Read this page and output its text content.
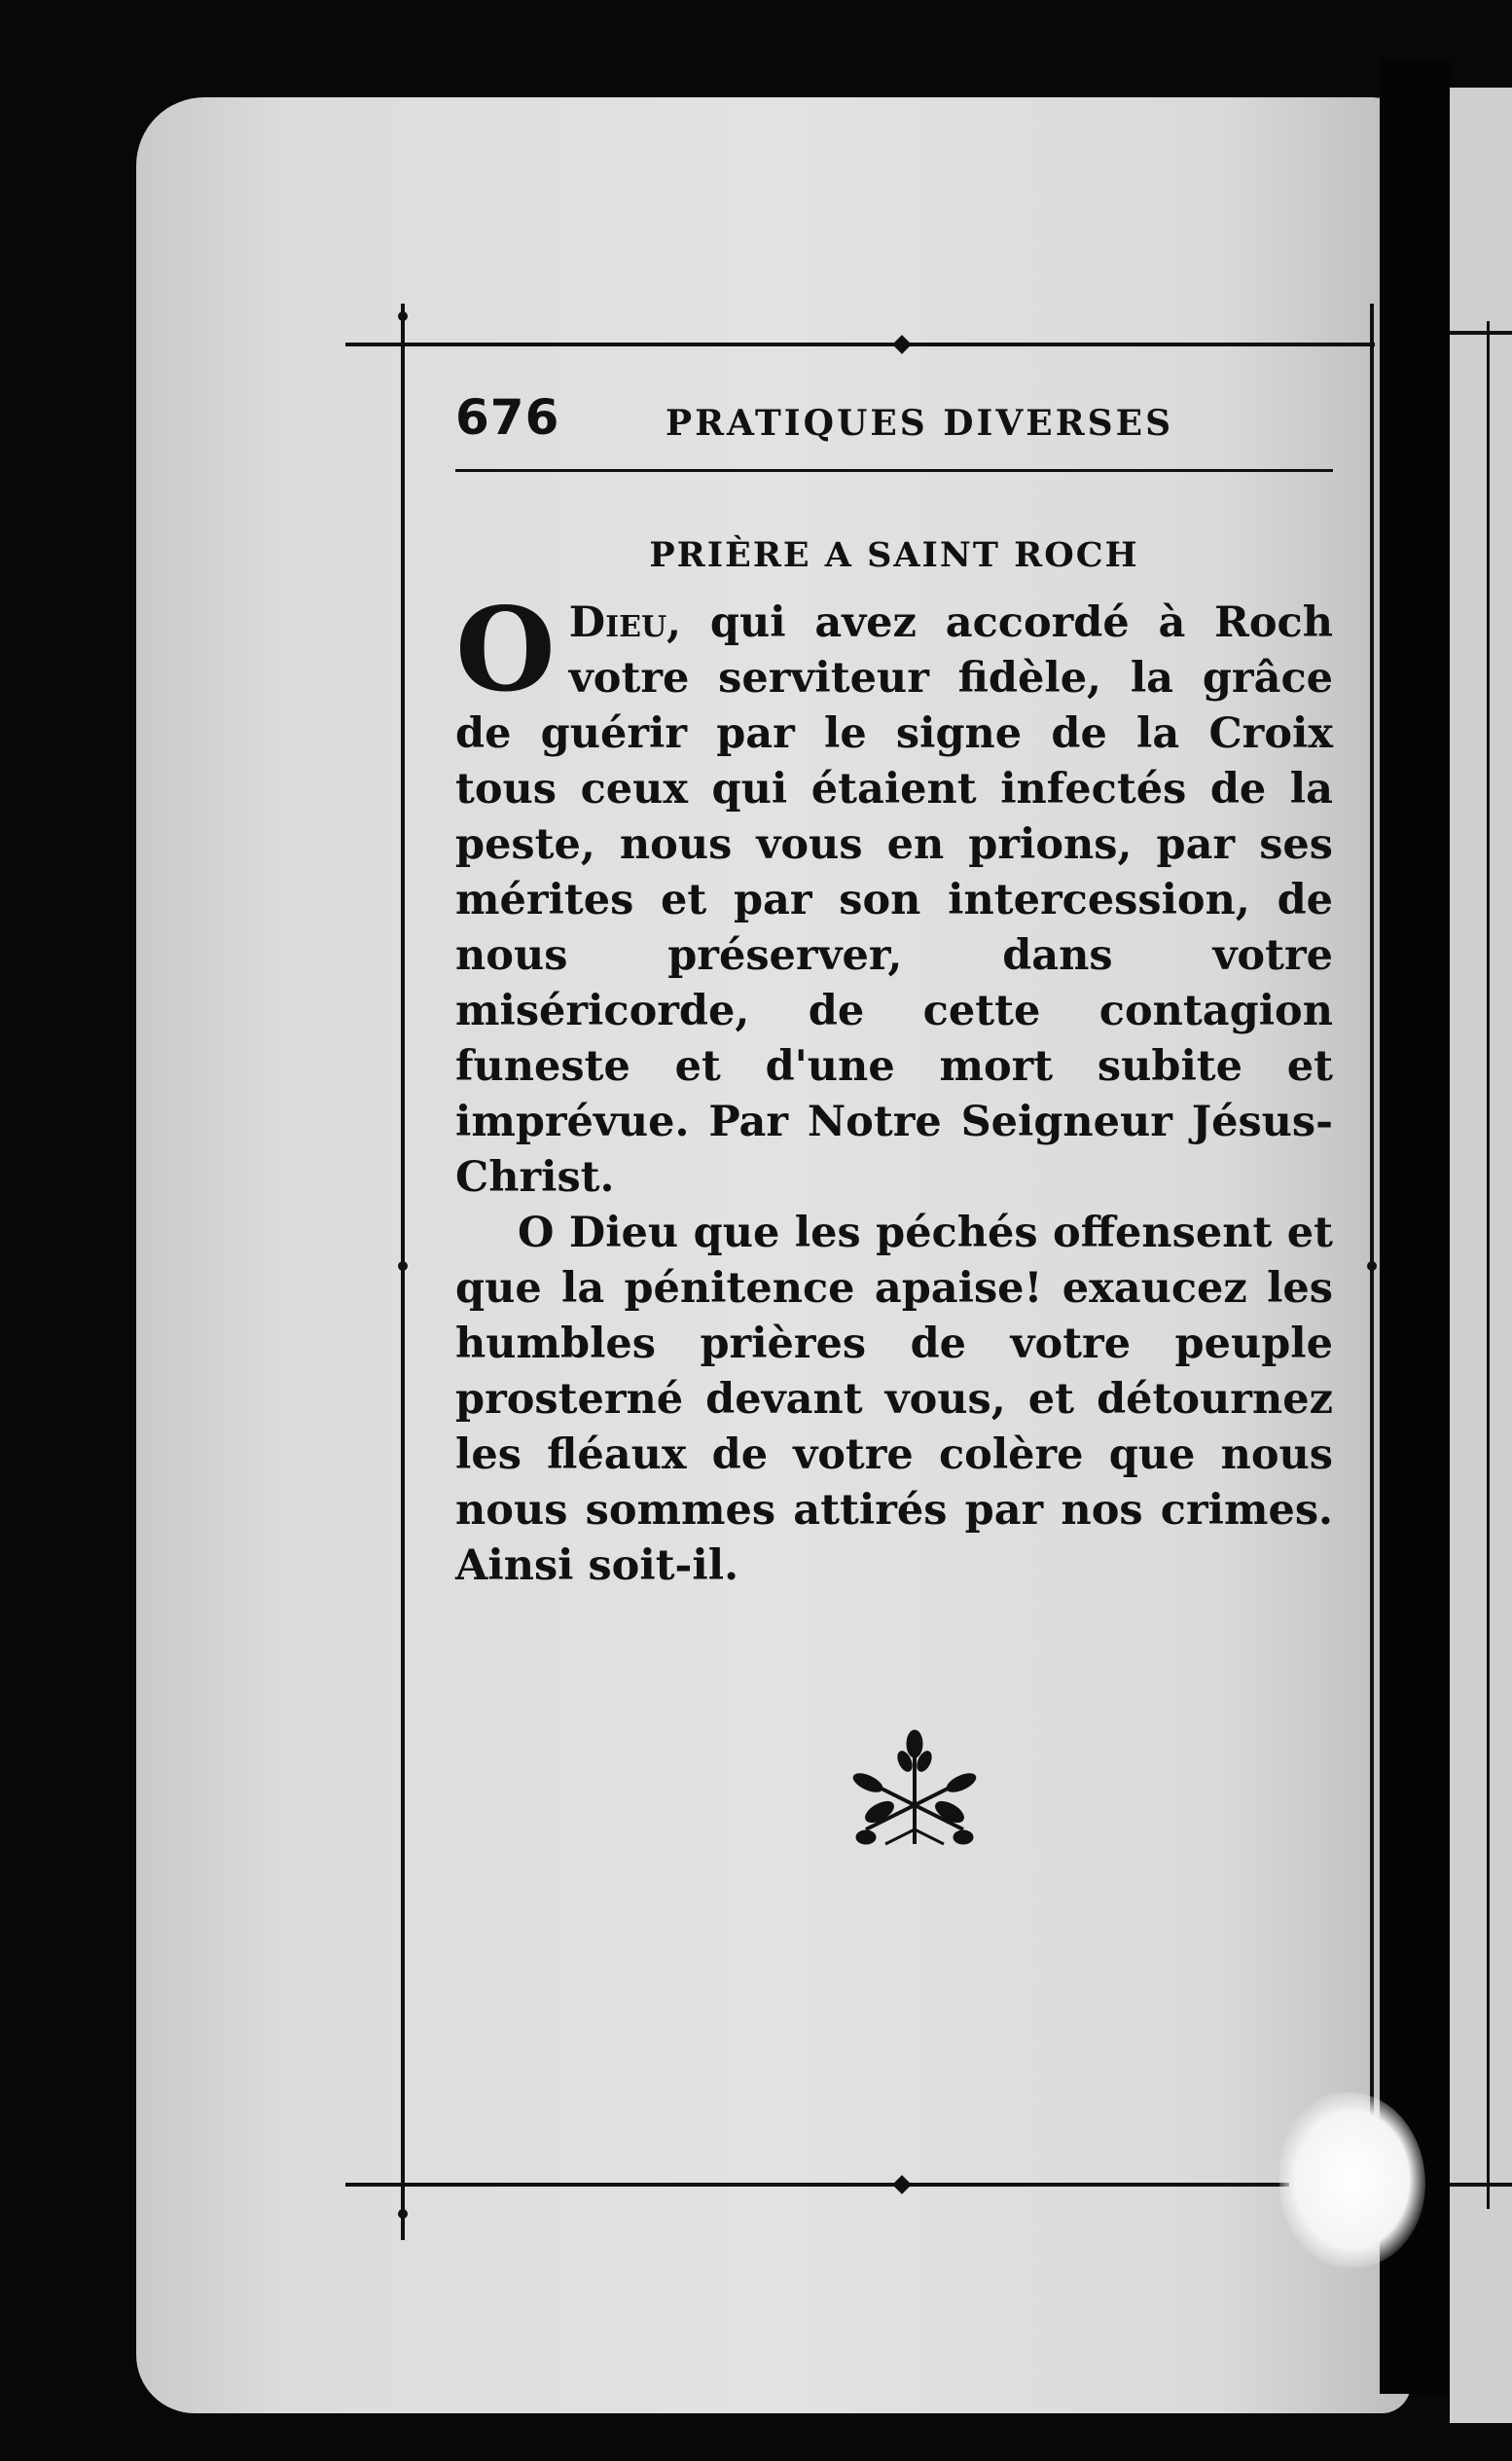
676	PRATIQUES DIVERSES
PRIÈRE A SAINT ROCH

O Dieu, qui avez accordé à Roch votre serviteur fidèle, la grâce de guérir par le signe de la Croix tous ceux qui étaient infectés de la peste, nous vous en prions, par ses mérites et par son intercession, de nous préserver, dans votre miséricorde, de cette contagion funeste et d'une mort subite et imprévue. Par Notre Seigneur Jésus-Christ.

O Dieu que les péchés offensent et que la pénitence apaise! exaucez les humbles prières de votre peuple prosterné devant vous, et détournez les fléaux de votre colère que nous nous sommes attirés par nos crimes. Ainsi soit-il.
